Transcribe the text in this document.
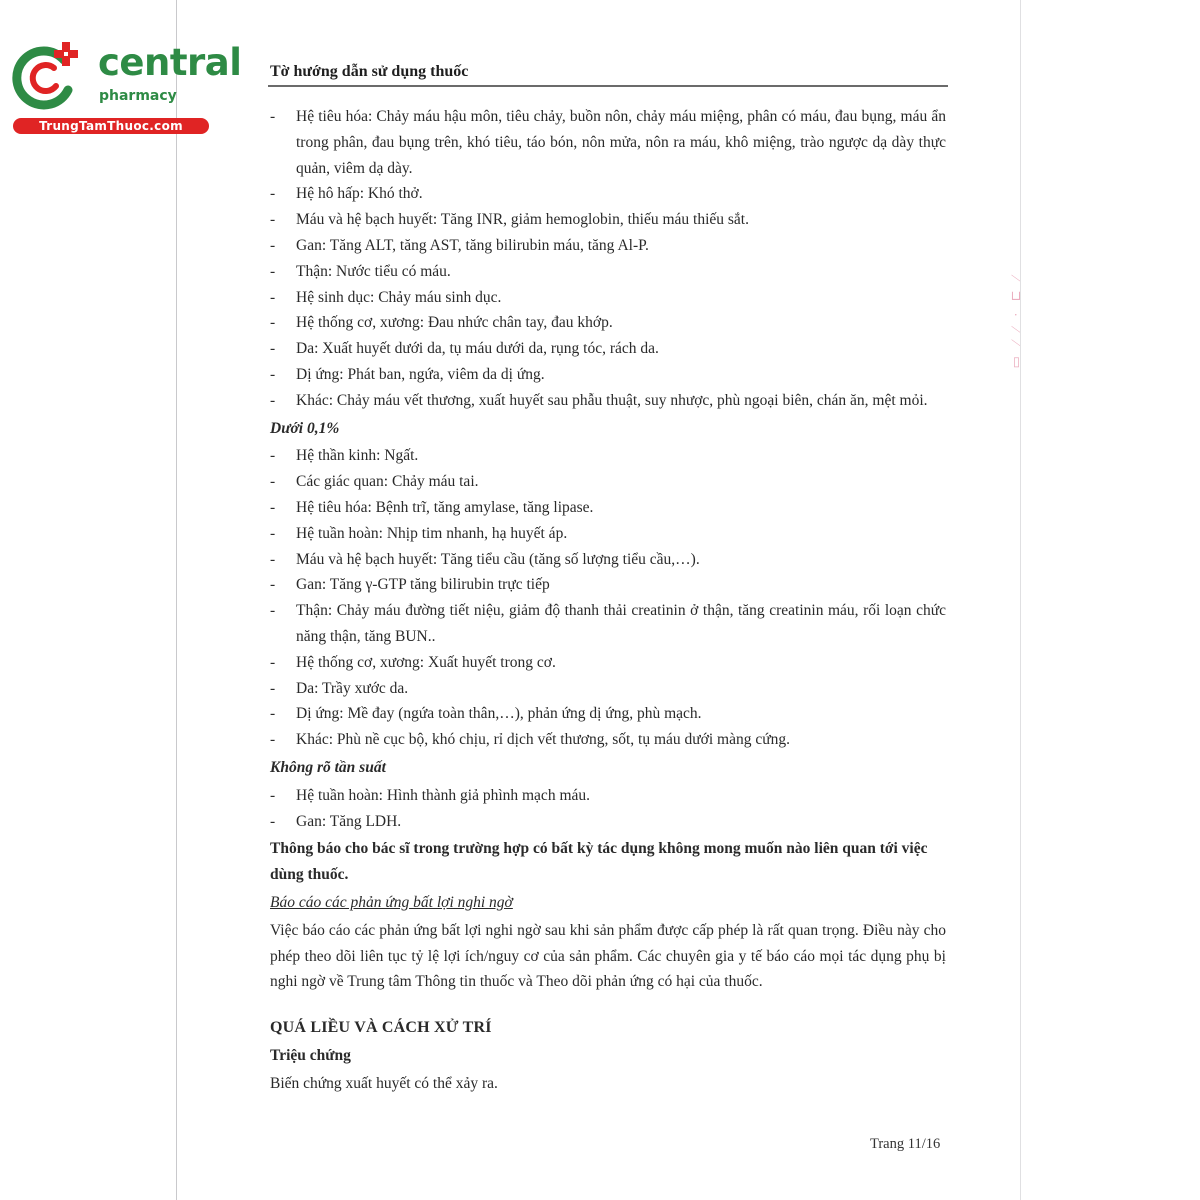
central
pharmacy
TrungTamThuoc.com
Tờ hướng dẫn sử dụng thuốc
- Hệ tiêu hóa: Chảy máu hậu môn, tiêu chảy, buồn nôn, chảy máu miệng, phân có máu, đau bụng, máu ẩn trong phân, đau bụng trên, khó tiêu, táo bón, nôn mửa, nôn ra máu, khô miệng, trào ngược dạ dày thực quản, viêm dạ dày.
- Hệ hô hấp: Khó thở.
- Máu và hệ bạch huyết: Tăng INR, giảm hemoglobin, thiếu máu thiếu sắt.
- Gan: Tăng ALT, tăng AST, tăng bilirubin máu, tăng Al-P.
- Thận: Nước tiểu có máu.
- Hệ sinh dục: Chảy máu sinh dục.
- Hệ thống cơ, xương: Đau nhức chân tay, đau khớp.
- Da: Xuất huyết dưới da, tụ máu dưới da, rụng tóc, rách da.
- Dị ứng: Phát ban, ngứa, viêm da dị ứng.
- Khác: Chảy máu vết thương, xuất huyết sau phẫu thuật, suy nhược, phù ngoại biên, chán ăn, mệt mỏi.
Dưới 0,1%
- Hệ thần kinh: Ngất.
- Các giác quan: Chảy máu tai.
- Hệ tiêu hóa: Bệnh trĩ, tăng amylase, tăng lipase.
- Hệ tuần hoàn: Nhịp tim nhanh, hạ huyết áp.
- Máu và hệ bạch huyết: Tăng tiểu cầu (tăng số lượng tiểu cầu,…).
- Gan: Tăng γ-GTP tăng bilirubin trực tiếp
- Thận: Chảy máu đường tiết niệu, giảm độ thanh thải creatinin ở thận, tăng creatinin máu, rối loạn chức năng thận, tăng BUN..
- Hệ thống cơ, xương: Xuất huyết trong cơ.
- Da: Trầy xước da.
- Dị ứng: Mề đay (ngứa toàn thân,…), phản ứng dị ứng, phù mạch.
- Khác: Phù nề cục bộ, khó chịu, rỉ dịch vết thương, sốt, tụ máu dưới màng cứng.
Không rõ tần suất
- Hệ tuần hoàn: Hình thành giả phình mạch máu.
- Gan: Tăng LDH.
Thông báo cho bác sĩ trong trường hợp có bất kỳ tác dụng không mong muốn nào liên quan tới việc dùng thuốc.
Báo cáo các phản ứng bất lợi nghi ngờ
Việc báo cáo các phản ứng bất lợi nghi ngờ sau khi sản phẩm được cấp phép là rất quan trọng. Điều này cho phép theo dõi liên tục tỷ lệ lợi ích/nguy cơ của sản phẩm. Các chuyên gia y tế báo cáo mọi tác dụng phụ bị nghi ngờ về Trung tâm Thông tin thuốc và Theo dõi phản ứng có hại của thuốc.
QUÁ LIỀU VÀ CÁCH XỬ TRÍ
Triệu chứng
Biến chứng xuất huyết có thể xảy ra.
Trang 11/16
▯ ⁄ ∕ · ⊏ ⁄
